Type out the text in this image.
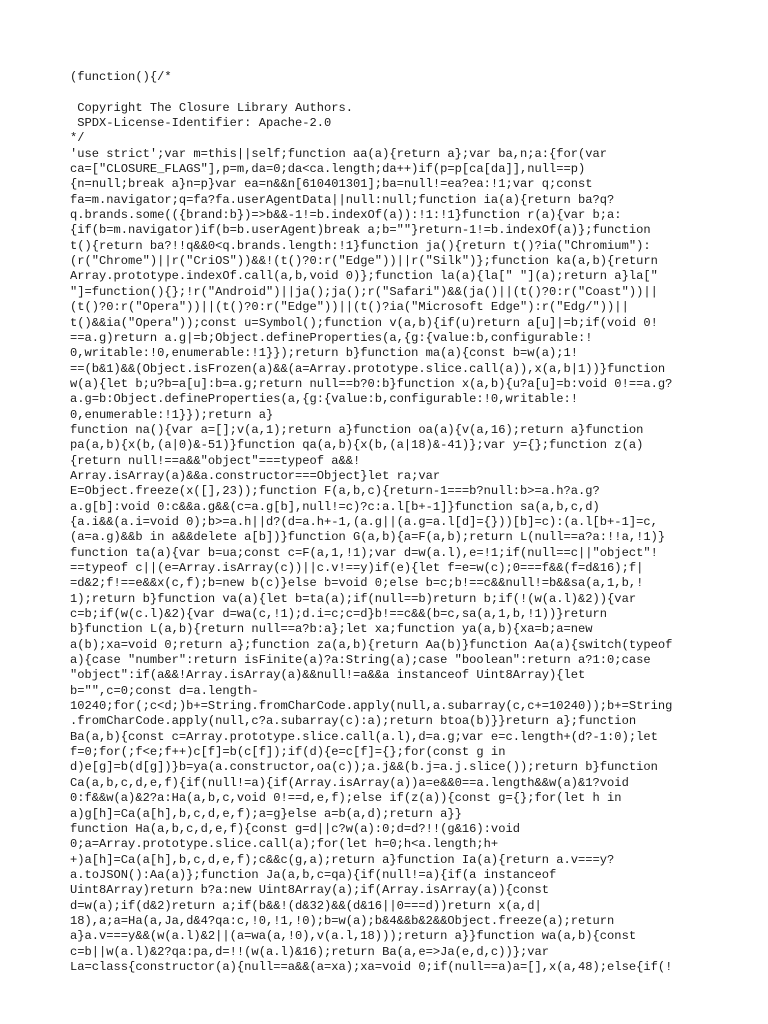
(function(){/*
Copyright The Closure Library Authors.
SPDX-License-Identifier: Apache-2.0
*/
'use strict';var m=this||self;function aa(a){return a};var ba,n;a:{for(var
ca=["CLOSURE_FLAGS"],p=m,da=0;da<ca.length;da++)if(p=p[ca[da]],null==p)
{n=null;break a}n=p}var ea=n&&n[610401301];ba=null!=ea?ea:!1;var q;const
fa=m.navigator;q=fa?fa.userAgentData||null:null;function ia(a){return ba?q?
q.brands.some(({brand:b})=>b&&-1!=b.indexOf(a)):!1:!1}function r(a){var b;a:
{if(b=m.navigator)if(b=b.userAgent)break a;b=""}return-1!=b.indexOf(a)};function
t(){return ba?!!q&&0<q.brands.length:!1}function ja(){return t()?ia("Chromium"):
(r("Chrome")||r("CriOS"))&&!(t()?0:r("Edge"))||r("Silk")};function ka(a,b){return
Array.prototype.indexOf.call(a,b,void 0)};function la(a){la[" "](a);return a}la["
"]=function(){};!r("Android")||ja();ja();r("Safari")&&(ja()||(t()?0:r("Coast"))||
(t()?0:r("Opera"))||(t()?0:r("Edge"))||(t()?ia("Microsoft Edge"):r("Edg/"))||
t()&&ia("Opera"));const u=Symbol();function v(a,b){if(u)return a[u]|=b;if(void 0!
==a.g)return a.g|=b;Object.defineProperties(a,{g:{value:b,configurable:!
0,writable:!0,enumerable:!1}});return b}function ma(a){const b=w(a);1!
==(b&1)&&(Object.isFrozen(a)&&(a=Array.prototype.slice.call(a)),x(a,b|1))}function
w(a){let b;u?b=a[u]:b=a.g;return null==b?0:b}function x(a,b){u?a[u]=b:void 0!==a.g?
a.g=b:Object.defineProperties(a,{g:{value:b,configurable:!0,writable:!
0,enumerable:!1}});return a}
function na(){var a=[];v(a,1);return a}function oa(a){v(a,16);return a}function
pa(a,b){x(b,(a|0)&-51)}function qa(a,b){x(b,(a|18)&-41)};var y={};function z(a)
{return null!==a&&"object"===typeof a&&!
Array.isArray(a)&&a.constructor===Object}let ra;var
E=Object.freeze(x([],23));function F(a,b,c){return-1===b?null:b>=a.h?a.g?
a.g[b]:void 0:c&&a.g&&(c=a.g[b],null!=c)?c:a.l[b+-1]}function sa(a,b,c,d)
{a.i&&(a.i=void 0);b>=a.h||d?(d=a.h+-1,(a.g||(a.g=a.l[d]={}))[b]=c):(a.l[b+-1]=c,
(a=a.g)&&b in a&&delete a[b])}function G(a,b){a=F(a,b);return L(null==a?a:!!a,!1)}
function ta(a){var b=ua;const c=F(a,1,!1);var d=w(a.l),e=!1;if(null==c||"object"!
==typeof c||(e=Array.isArray(c))||c.v!==y)if(e){let f=e=w(c);0===f&&(f=d&16);f|
=d&2;f!==e&&x(c,f);b=new b(c)}else b=void 0;else b=c;b!==c&&null!=b&&sa(a,1,b,!
1);return b}function va(a){let b=ta(a);if(null==b)return b;if(!(w(a.l)&2)){var
c=b;if(w(c.l)&2){var d=wa(c,!1);d.i=c;c=d}b!==c&&(b=c,sa(a,1,b,!1))}return
b}function L(a,b){return null==a?b:a};let xa;function ya(a,b){xa=b;a=new
a(b);xa=void 0;return a};function za(a,b){return Aa(b)}function Aa(a){switch(typeof
a){case "number":return isFinite(a)?a:String(a);case "boolean":return a?1:0;case
"object":if(a&&!Array.isArray(a)&&null!=a&&a instanceof Uint8Array){let
b="",c=0;const d=a.length-
10240;for(;c<d;)b+=String.fromCharCode.apply(null,a.subarray(c,c+=10240));b+=String
.fromCharCode.apply(null,c?a.subarray(c):a);return btoa(b)}}return a};function
Ba(a,b){const c=Array.prototype.slice.call(a.l),d=a.g;var e=c.length+(d?-1:0);let
f=0;for(;f<e;f++)c[f]=b(c[f]);if(d){e=c[f]={};for(const g in
d)e[g]=b(d[g])}b=ya(a.constructor,oa(c));a.j&&(b.j=a.j.slice());return b}function
Ca(a,b,c,d,e,f){if(null!=a){if(Array.isArray(a))a=e&&0==a.length&&w(a)&1?void
0:f&&w(a)&2?a:Ha(a,b,c,void 0!==d,e,f);else if(z(a)){const g={};for(let h in
a)g[h]=Ca(a[h],b,c,d,e,f);a=g}else a=b(a,d);return a}}
function Ha(a,b,c,d,e,f){const g=d||c?w(a):0;d=d?!!(g&16):void
0;a=Array.prototype.slice.call(a);for(let h=0;h<a.length;h+
+)a[h]=Ca(a[h],b,c,d,e,f);c&&c(g,a);return a}function Ia(a){return a.v===y?
a.toJSON():Aa(a)};function Ja(a,b,c=qa){if(null!=a){if(a instanceof
Uint8Array)return b?a:new Uint8Array(a);if(Array.isArray(a)){const
d=w(a);if(d&2)return a;if(b&&!(d&32)&&(d&16||0===d))return x(a,d|
18),a;a=Ha(a,Ja,d&4?qa:c,!0,!1,!0);b=w(a);b&4&&b&2&&Object.freeze(a);return
a}a.v===y&&(w(a.l)&2||(a=wa(a,!0),v(a.l,18)));return a}}function wa(a,b){const
c=b||w(a.l)&2?qa:pa,d=!!(w(a.l)&16);return Ba(a,e=>Ja(e,d,c))};var
La=class{constructor(a){null==a&&(a=xa);xa=void 0;if(null==a)a=[],x(a,48);else{if(!
